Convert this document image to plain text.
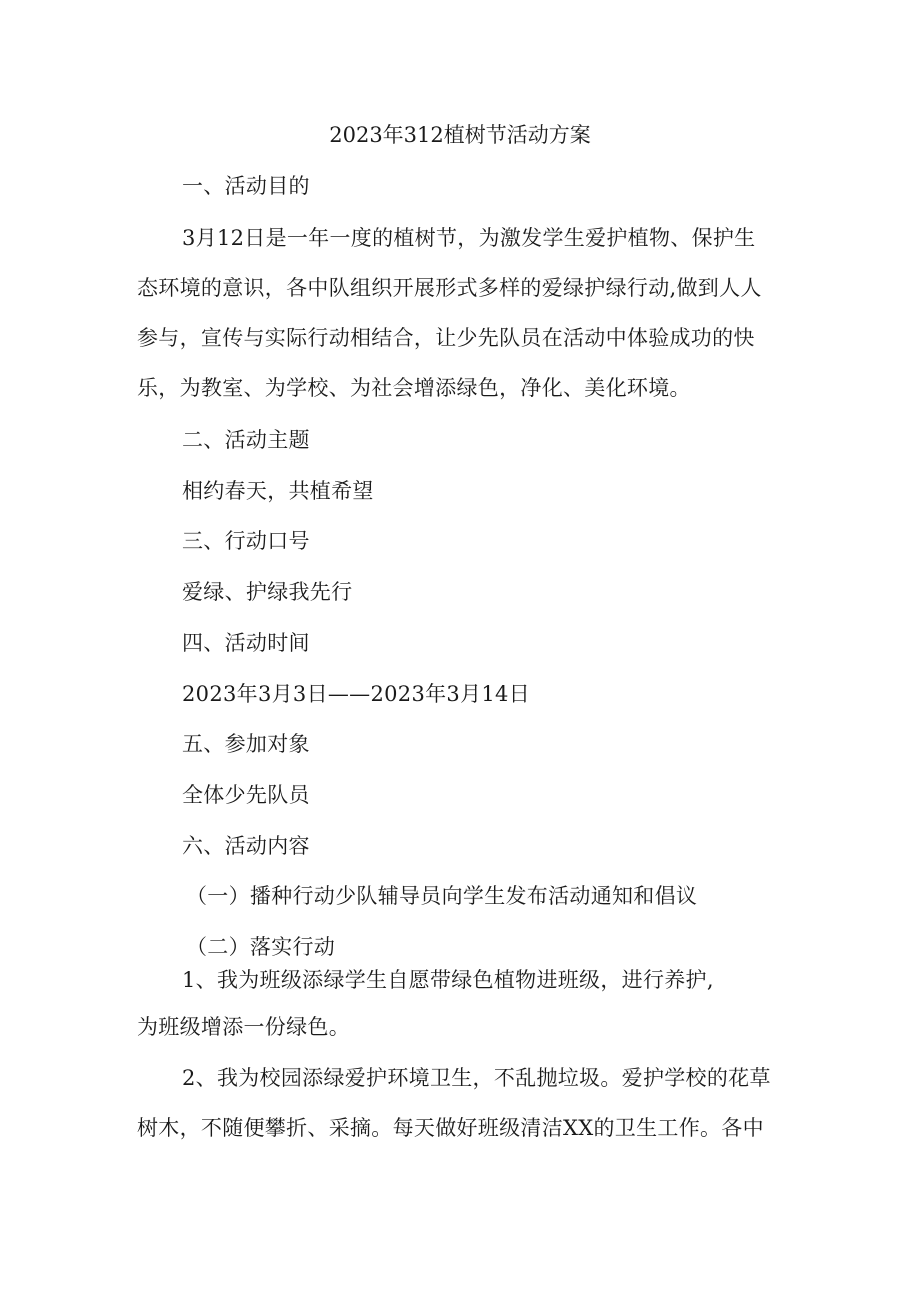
2023年312植树节活动方案
一、活动目的
3月12日是一年一度的植树节，为激发学生爱护植物、保护生
态环境的意识，各中队组织开展形式多样的爱绿护绿行动,做到人人
参与，宣传与实际行动相结合，让少先队员在活动中体验成功的快
乐，为教室、为学校、为社会增添绿色，净化、美化环境。
二、活动主题
相约春天，共植希望
三、行动口号
爱绿、护绿我先行
四、活动时间
2023年3月3日——2023年3月14日
五、参加对象
全体少先队员
六、活动内容
（一）播种行动少队辅导员向学生发布活动通知和倡议
（二）落实行动
1、我为班级添绿学生自愿带绿色植物进班级，进行养护,
为班级增添一份绿色。
2、我为校园添绿爱护环境卫生，不乱抛垃圾。爱护学校的花草
树木，不随便攀折、采摘。每天做好班级清洁XX的卫生工作。各中
